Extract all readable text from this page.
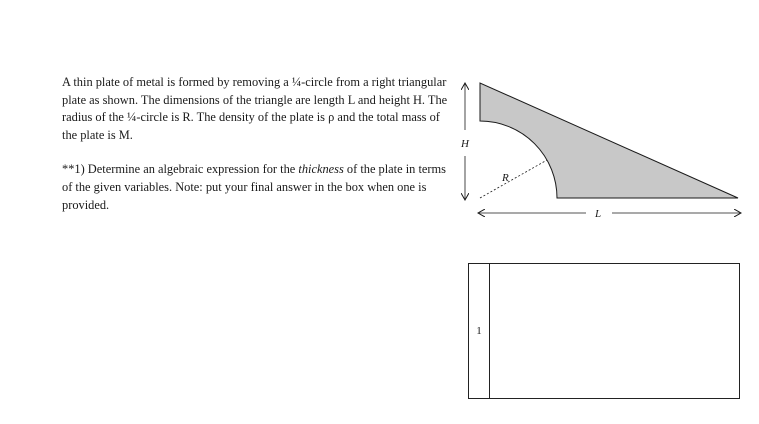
A thin plate of metal is formed by removing a ¼-circle from a right triangular plate as shown. The dimensions of the triangle are length L and height H. The radius of the ¼-circle is R. The density of the plate is ρ and the total mass of the plate is M.

**1) Determine an algebraic expression for the thickness of the plate in terms of the given variables. Note: put your final answer in the box when one is provided.

R
H
L
1
